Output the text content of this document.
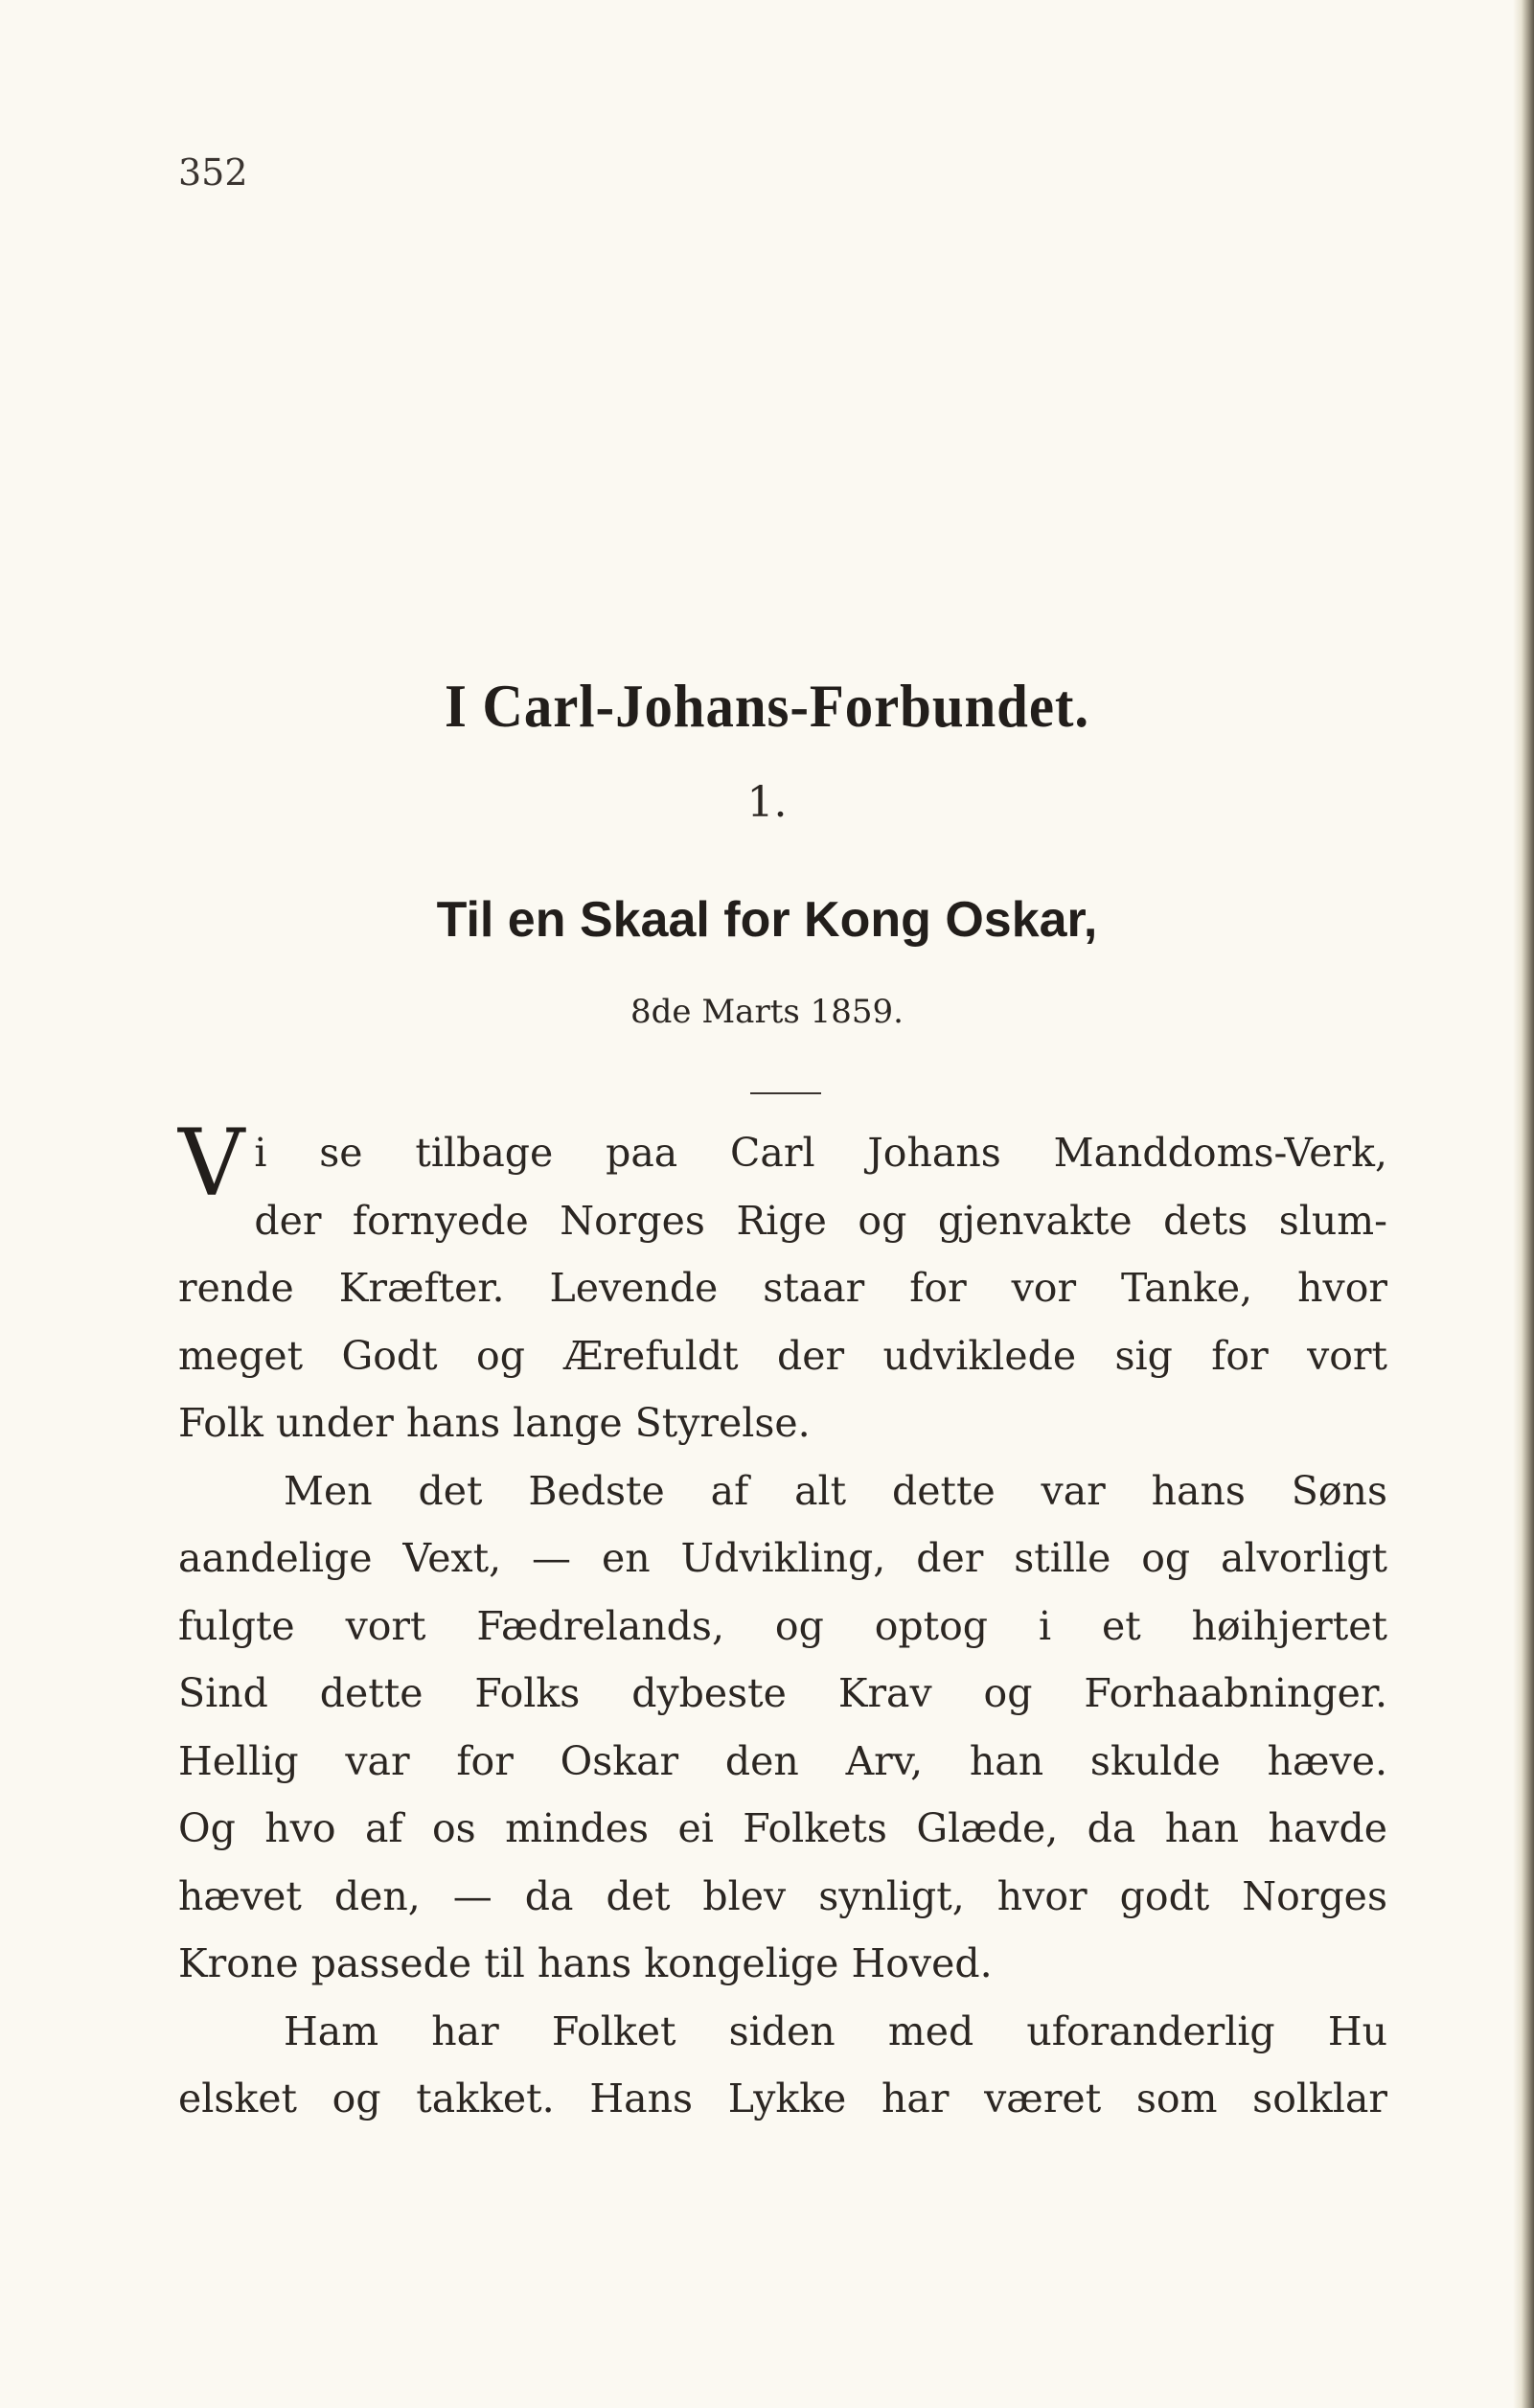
352
I Carl-Johans-Forbundet.
1.
Til en Skaal for Kong Oskar,
8de Marts 1859.
V i se tilbage paa Carl Johans Manddoms-Verk,
der fornyede Norges Rige og gjenvakte dets slum-
rende Kræfter. Levende staar for vor Tanke, hvor
meget Godt og Ærefuldt der udviklede sig for vort
Folk under hans lange Styrelse.
Men det Bedste af alt dette var hans Søns
aandelige Vext, — en Udvikling, der stille og alvorligt
fulgte vort Fædrelands, og optog i et høihjertet
Sind dette Folks dybeste Krav og Forhaabninger.
Hellig var for Oskar den Arv, han skulde hæve.
Og hvo af os mindes ei Folkets Glæde, da han havde
hævet den, — da det blev synligt, hvor godt Norges
Krone passede til hans kongelige Hoved.
Ham har Folket siden med uforanderlig Hu
elsket og takket. Hans Lykke har været som solklar
